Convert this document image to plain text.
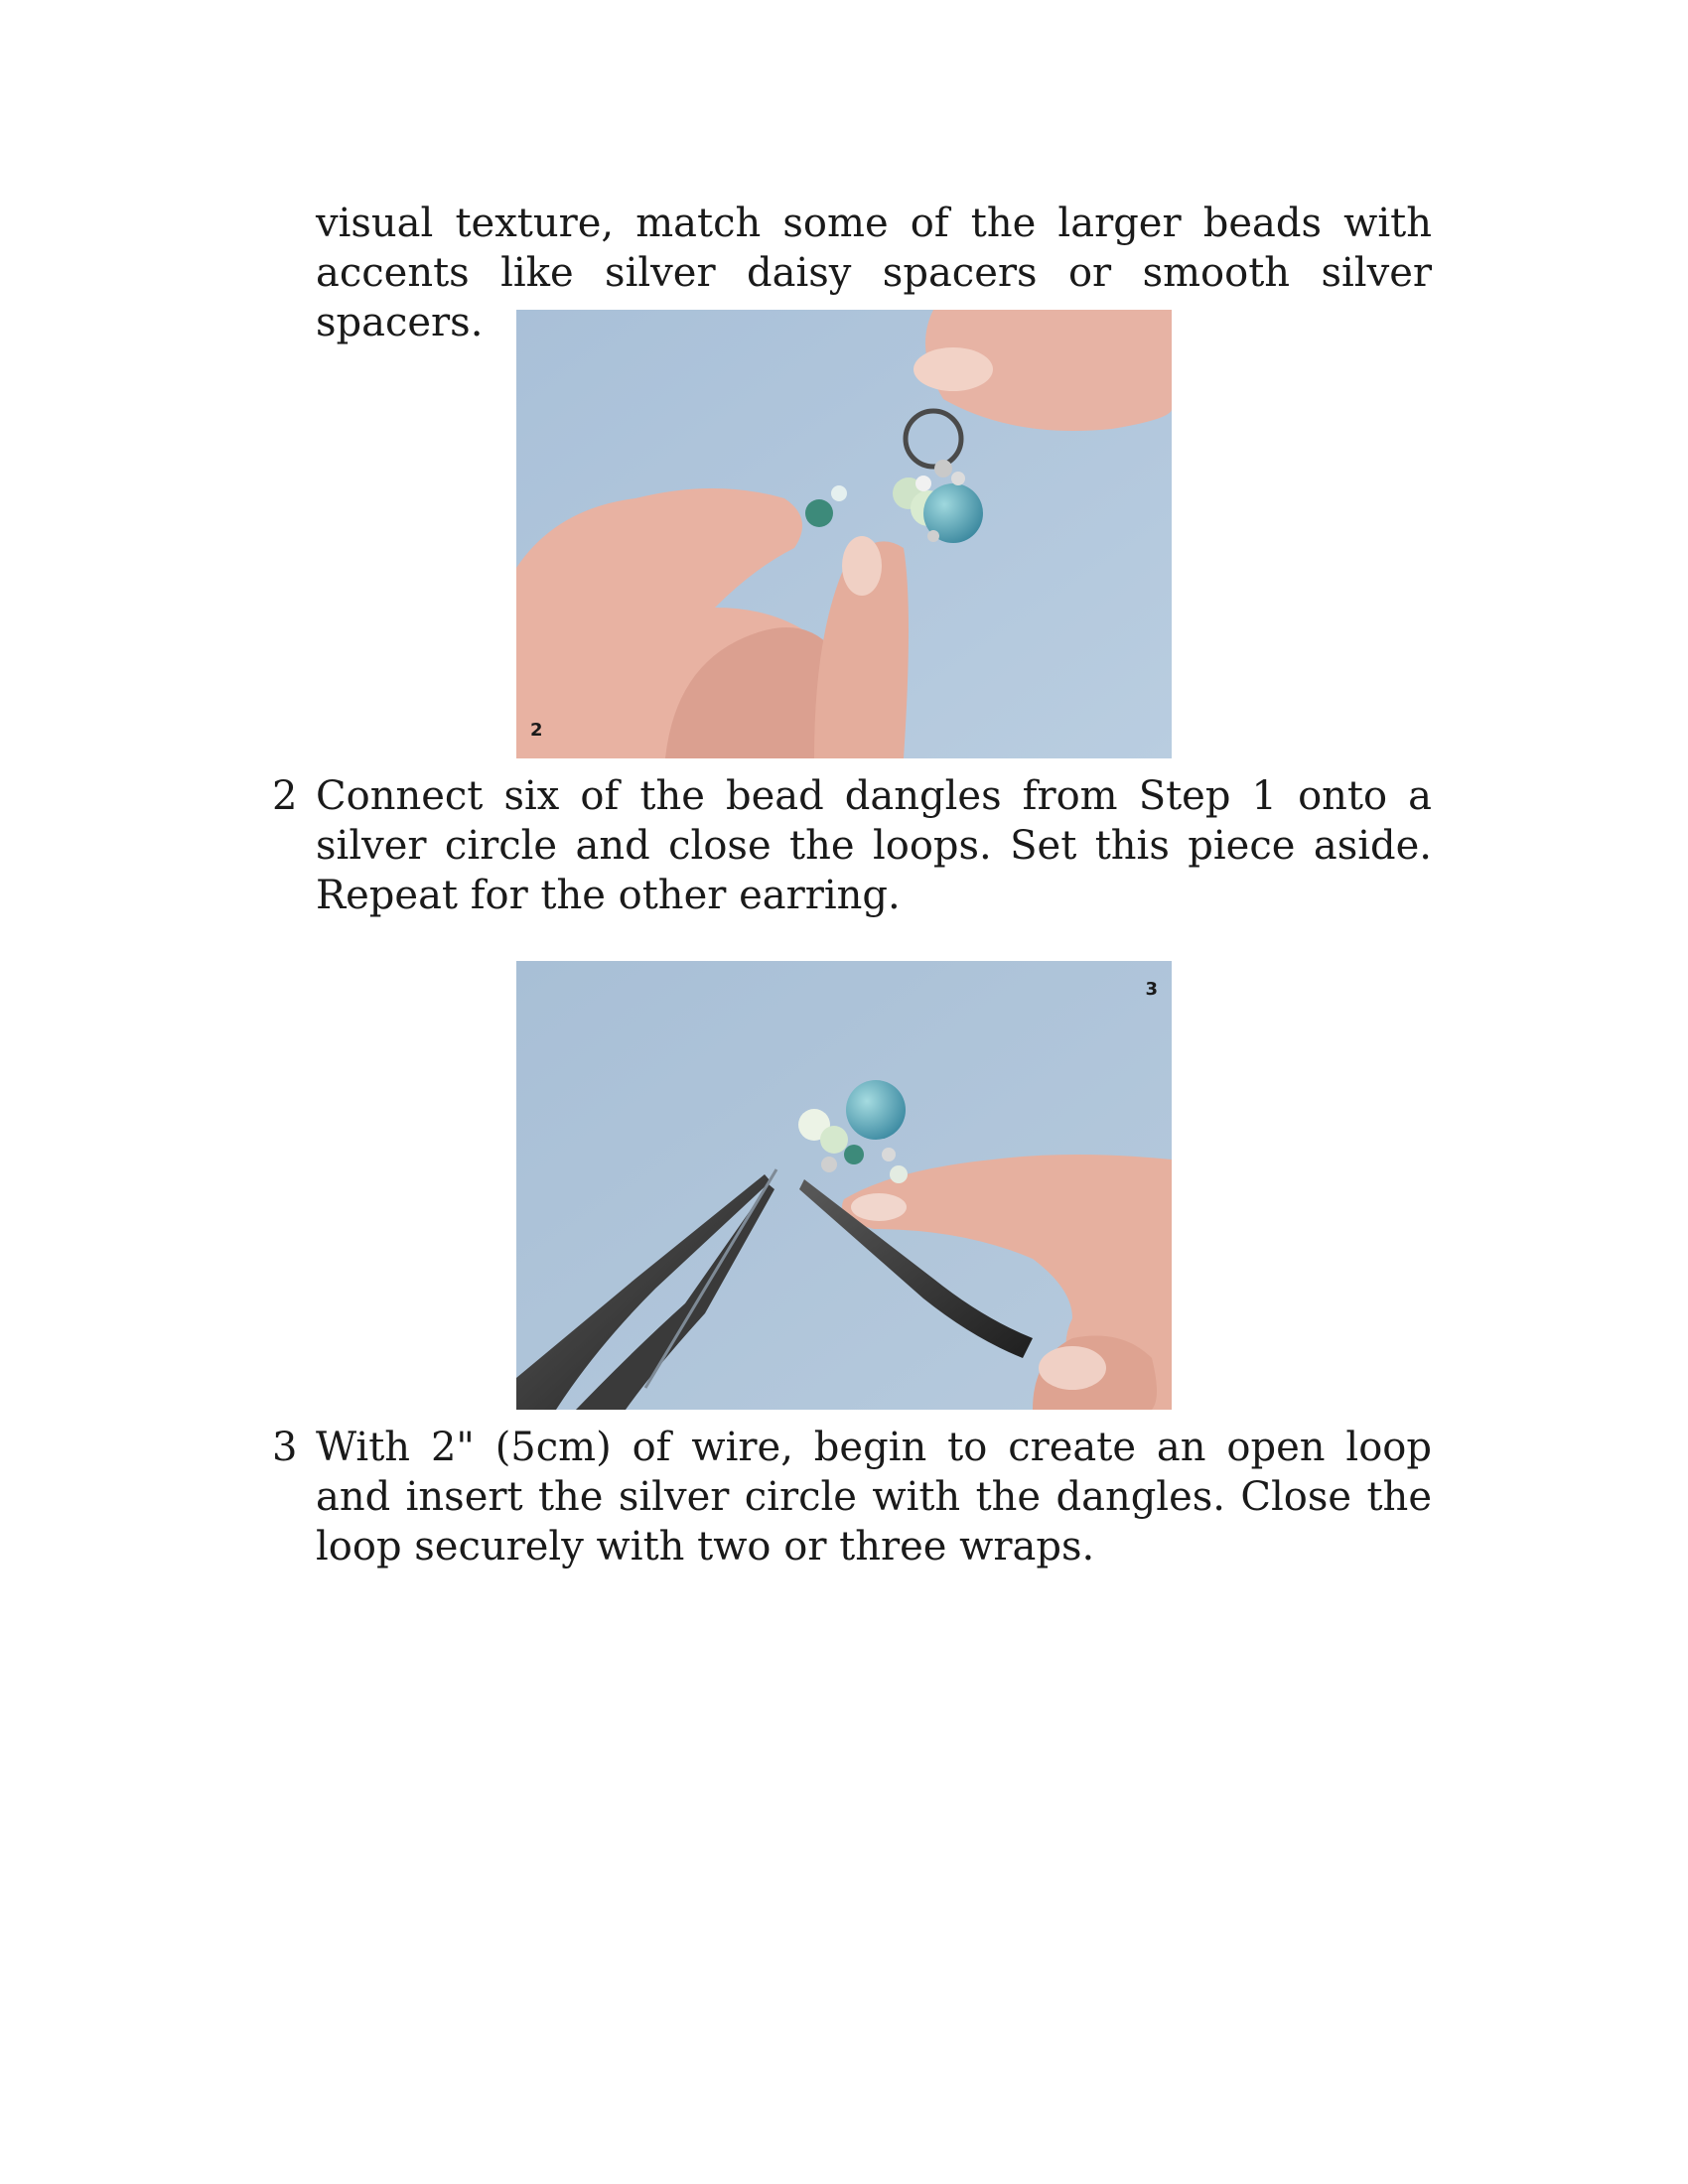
visual texture, match some of the larger beads with accents like silver daisy spacers or smooth silver spacers.

2
2 Connect six of the bead dangles from Step 1 onto a silver circle and close the loops. Set this piece aside. Repeat for the other earring.

3
3 With 2" (5cm) of wire, begin to create an open loop and insert the silver circle with the dangles. Close the loop securely with two or three wraps.
